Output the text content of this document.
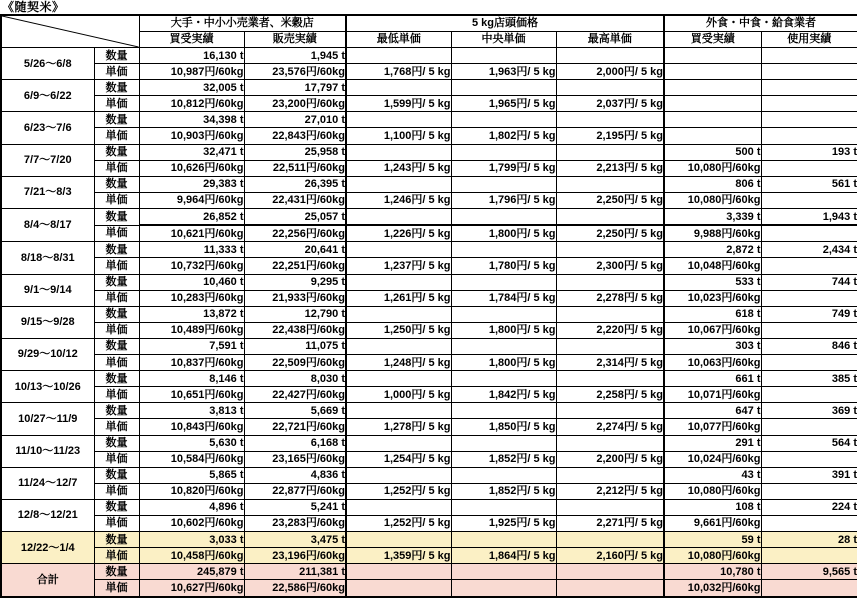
《随契米》
	大手・中小小売業者、米穀店		5 kg店頭価格			外食・中食・給食業者	
		買受実績	販売実績	最低単価	中央単価	最高単価	買受実績	使用実績
5/26～6/8	数量	16,130 t	1,945 t					
	単価	10,987円/60kg	23,576円/60kg	1,768円/ 5 kg	1,963円/ 5 kg	2,000円/ 5 kg		
6/9～6/22	数量	32,005 t	17,797 t					
	単価	10,812円/60kg	23,200円/60kg	1,599円/ 5 kg	1,965円/ 5 kg	2,037円/ 5 kg		
6/23～7/6	数量	34,398 t	27,010 t					
	単価	10,903円/60kg	22,843円/60kg	1,100円/ 5 kg	1,802円/ 5 kg	2,195円/ 5 kg		
7/7～7/20	数量	32,471 t	25,958 t				500 t	193 t
	単価	10,626円/60kg	22,511円/60kg	1,243円/ 5 kg	1,799円/ 5 kg	2,213円/ 5 kg	10,080円/60kg	
7/21～8/3	数量	29,383 t	26,395 t				806 t	561 t
	単価	9,964円/60kg	22,431円/60kg	1,246円/ 5 kg	1,796円/ 5 kg	2,250円/ 5 kg	10,080円/60kg	
8/4～8/17	数量	26,852 t	25,057 t				3,339 t	1,943 t
	単価	10,621円/60kg	22,256円/60kg	1,226円/ 5 kg	1,800円/ 5 kg	2,250円/ 5 kg	9,988円/60kg	
8/18～8/31	数量	11,333 t	20,641 t				2,872 t	2,434 t
	単価	10,732円/60kg	22,251円/60kg	1,237円/ 5 kg	1,780円/ 5 kg	2,300円/ 5 kg	10,048円/60kg	
9/1～9/14	数量	10,460 t	9,295 t				533 t	744 t
	単価	10,283円/60kg	21,933円/60kg	1,261円/ 5 kg	1,784円/ 5 kg	2,278円/ 5 kg	10,023円/60kg	
9/15～9/28	数量	13,872 t	12,790 t				618 t	749 t
	単価	10,489円/60kg	22,438円/60kg	1,250円/ 5 kg	1,800円/ 5 kg	2,220円/ 5 kg	10,067円/60kg	
9/29～10/12	数量	7,591 t	11,075 t				303 t	846 t
	単価	10,837円/60kg	22,509円/60kg	1,248円/ 5 kg	1,800円/ 5 kg	2,314円/ 5 kg	10,063円/60kg	
10/13～10/26	数量	8,146 t	8,030 t				661 t	385 t
	単価	10,651円/60kg	22,427円/60kg	1,000円/ 5 kg	1,842円/ 5 kg	2,258円/ 5 kg	10,071円/60kg	
10/27～11/9	数量	3,813 t	5,669 t				647 t	369 t
	単価	10,843円/60kg	22,721円/60kg	1,278円/ 5 kg	1,850円/ 5 kg	2,274円/ 5 kg	10,077円/60kg	
11/10～11/23	数量	5,630 t	6,168 t				291 t	564 t
	単価	10,584円/60kg	23,165円/60kg	1,254円/ 5 kg	1,852円/ 5 kg	2,200円/ 5 kg	10,024円/60kg	
11/24～12/7	数量	5,865 t	4,836 t				43 t	391 t
	単価	10,820円/60kg	22,877円/60kg	1,252円/ 5 kg	1,852円/ 5 kg	2,212円/ 5 kg	10,080円/60kg	
12/8～12/21	数量	4,896 t	5,241 t				108 t	224 t
	単価	10,602円/60kg	23,283円/60kg	1,252円/ 5 kg	1,925円/ 5 kg	2,271円/ 5 kg	9,661円/60kg	
12/22～1/4	数量	3,033 t	3,475 t				59 t	28 t
	単価	10,458円/60kg	23,196円/60kg	1,359円/ 5 kg	1,864円/ 5 kg	2,160円/ 5 kg	10,080円/60kg	
合計	数量	245,879 t	211,381 t				10,780 t	9,565 t
	単価	10,627円/60kg	22,586円/60kg				10,032円/60kg	
